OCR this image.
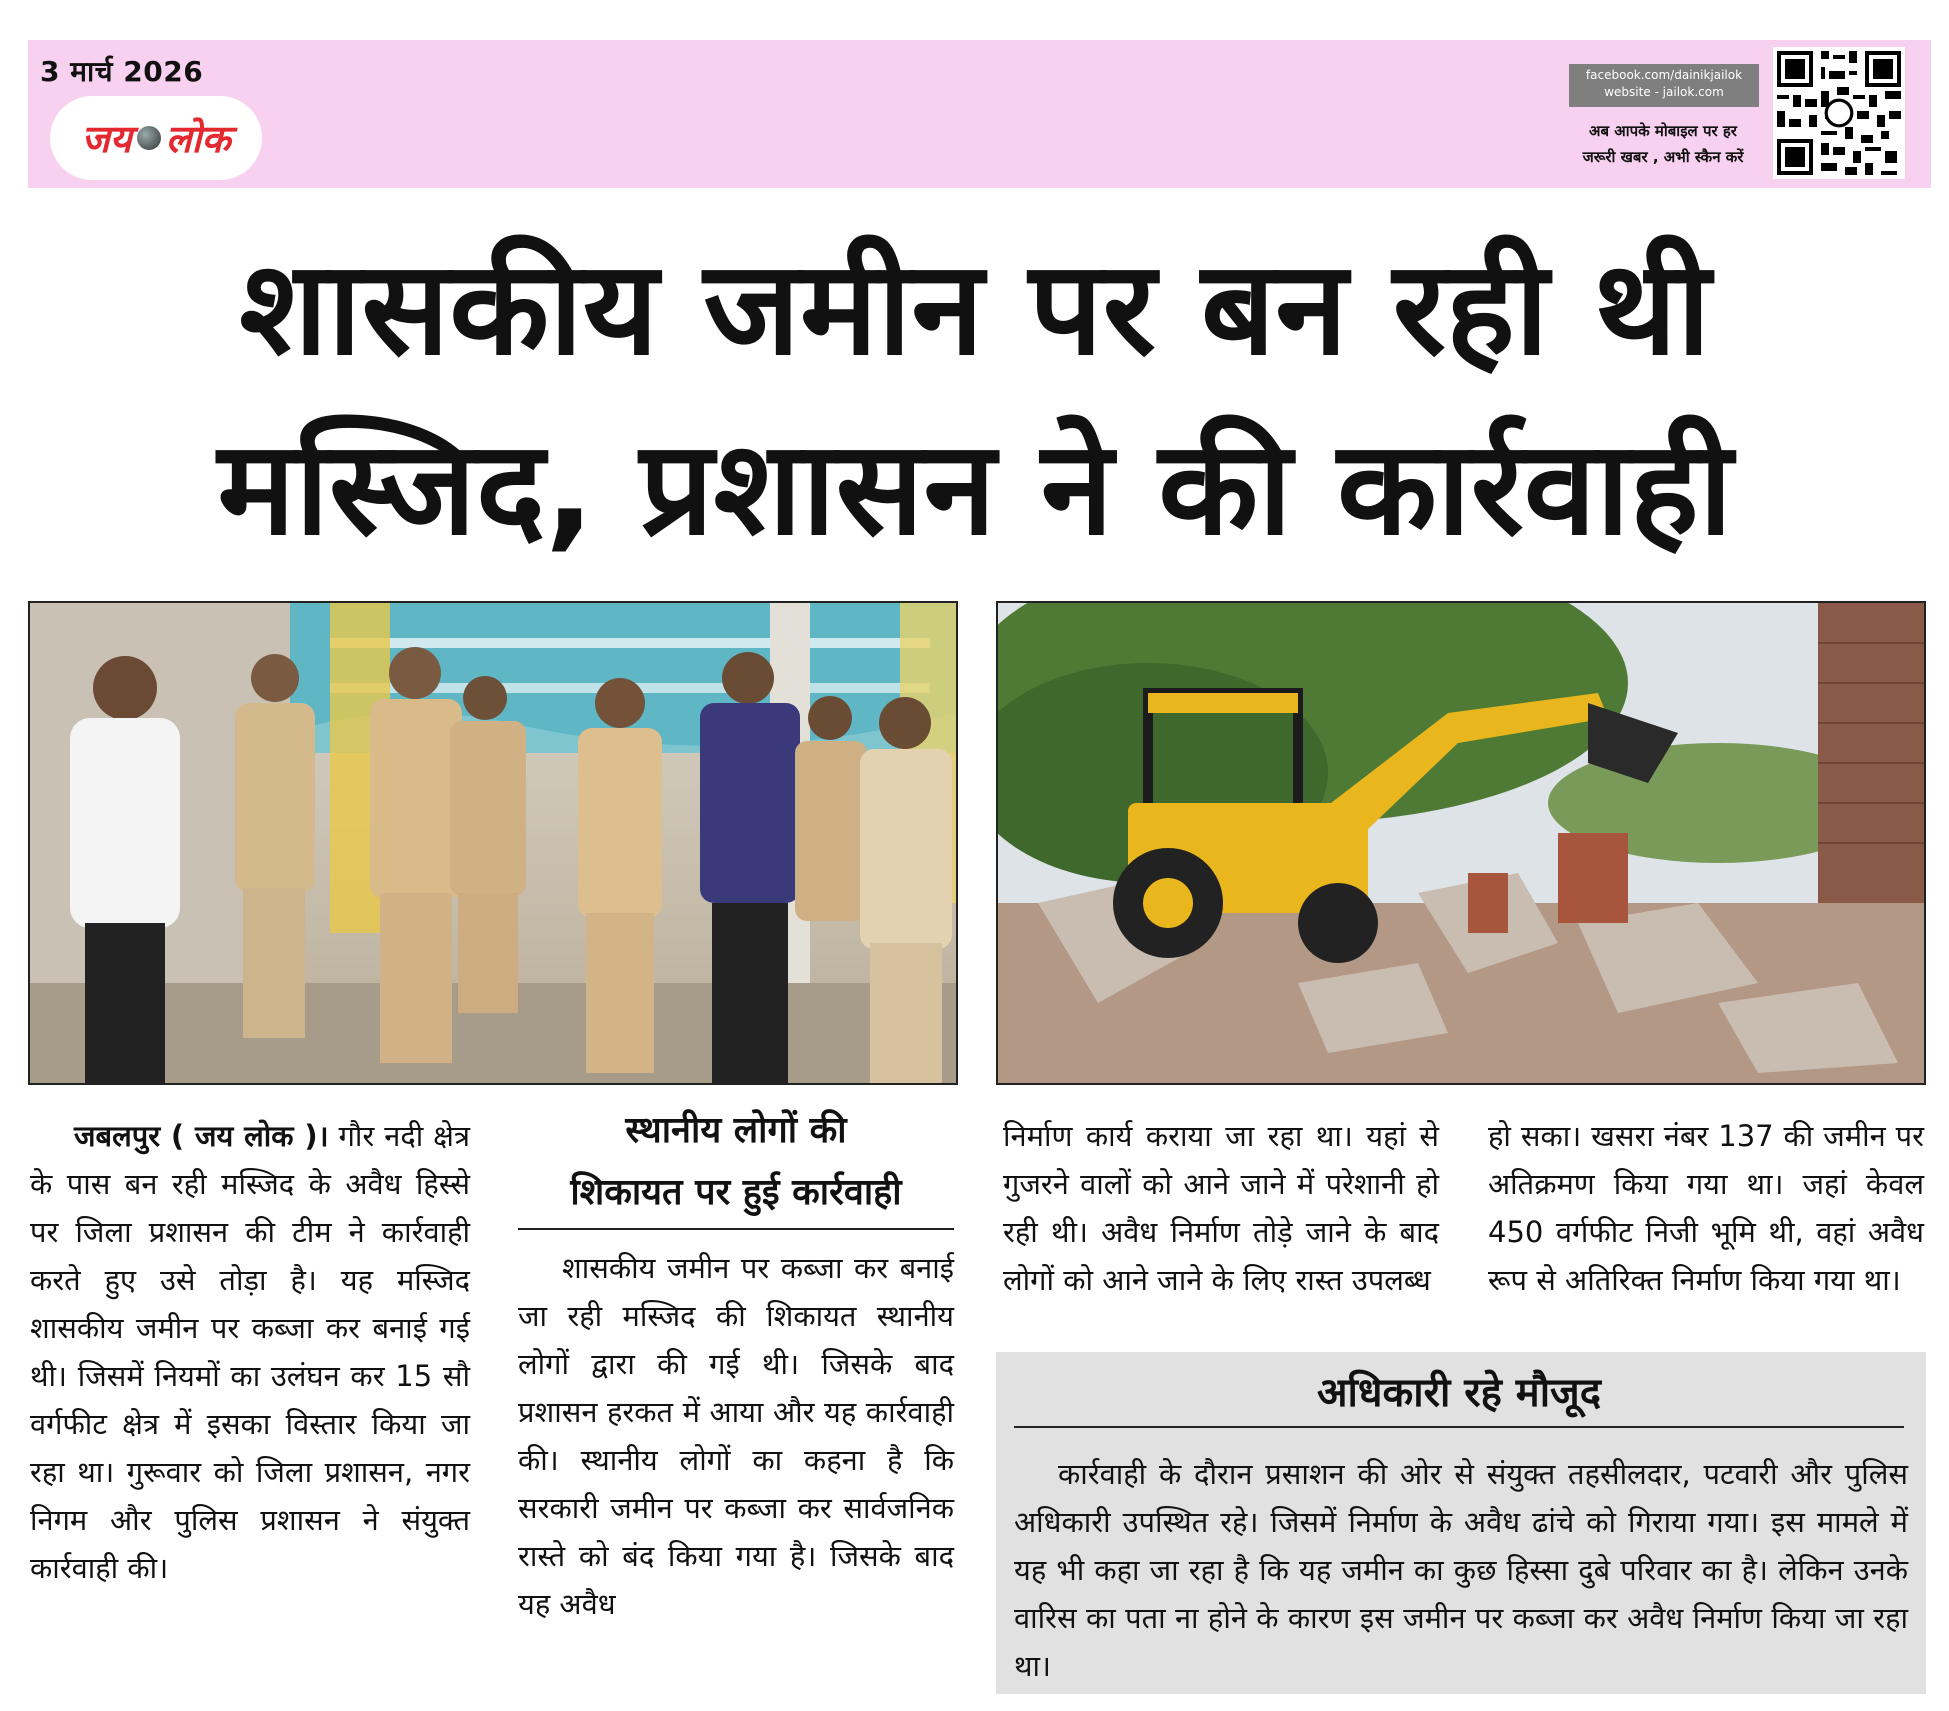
3 मार्च 2026
जय लोक
facebook.com/dainikjailok
website - jailok.com
अब आपके मोबाइल पर हर
जरूरी खबर , अभी स्कैन करें
शासकीय जमीन पर बन रही थी
मस्जिद, प्रशासन ने की कार्रवाही
जबलपुर ( जय लोक )। गौर नदी क्षेत्र के पास बन रही मस्जिद के अवैध हिस्से पर जिला प्रशासन की टीम ने कार्रवाही करते हुए उसे तोड़ा है। यह मस्जिद शासकीय जमीन पर कब्जा कर बनाई गई थी। जिसमें नियमों का उलंघन कर 15 सौ वर्गफीट क्षेत्र में इसका विस्तार किया जा रहा था। गुरूवार को जिला प्रशासन, नगर निगम और पुलिस प्रशासन ने संयुक्त कार्रवाही की।
स्थानीय लोगों की
शिकायत पर हुई कार्रवाही
शासकीय जमीन पर कब्जा कर बनाई जा रही मस्जिद की शिकायत स्थानीय लोगों द्वारा की गई थी। जिसके बाद प्रशासन हरकत में आया और यह कार्रवाही की। स्थानीय लोगों का कहना है कि सरकारी जमीन पर कब्जा कर सार्वजनिक रास्ते को बंद किया गया है। जिसके बाद यह अवैध
निर्माण कार्य कराया जा रहा था। यहां से गुजरने वालों को आने जाने में परेशानी हो रही थी। अवैध निर्माण तोड़े जाने के बाद लोगों को आने जाने के लिए रास्त उपलब्ध
हो सका। खसरा नंबर 137 की जमीन पर अतिक्रमण किया गया था। जहां केवल 450 वर्गफीट निजी भूमि थी, वहां अवैध रूप से अतिरिक्त निर्माण किया गया था।
अधिकारी रहे मौजूद
कार्रवाही के दौरान प्रसाशन की ओर से संयुक्त तहसीलदार, पटवारी और पुलिस अधिकारी उपस्थित रहे। जिसमें निर्माण के अवैध ढांचे को गिराया गया। इस मामले में यह भी कहा जा रहा है कि यह जमीन का कुछ हिस्सा दुबे परिवार का है। लेकिन उनके वारिस का पता ना होने के कारण इस जमीन पर कब्जा कर अवैध निर्माण किया जा रहा था।
